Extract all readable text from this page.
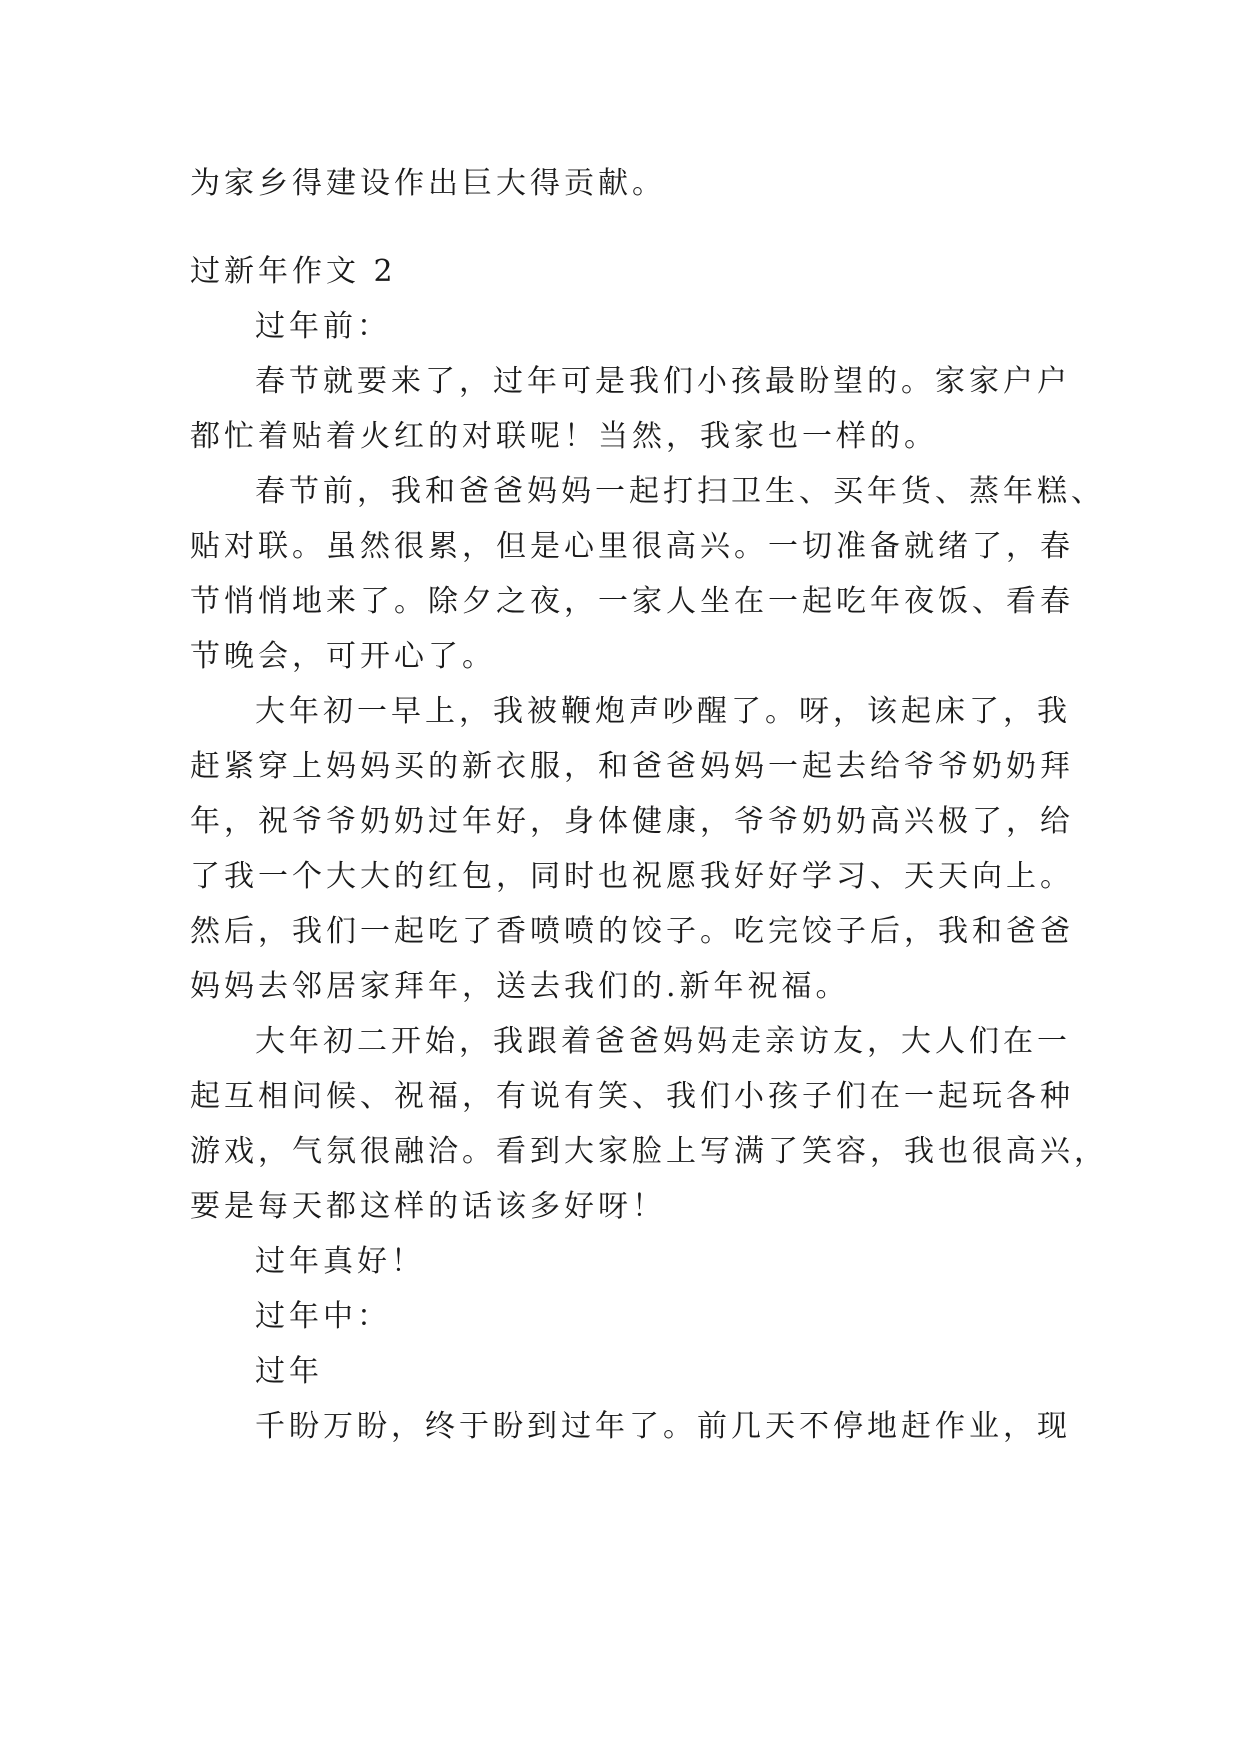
为家乡得建设作出巨大得贡献。
过新年作文 2
过年前：
春节就要来了，过年可是我们小孩最盼望的。家家户户
都忙着贴着火红的对联呢！当然，我家也一样的。
春节前，我和爸爸妈妈一起打扫卫生、买年货、蒸年糕、
贴对联。虽然很累，但是心里很高兴。一切准备就绪了，春
节悄悄地来了。除夕之夜，一家人坐在一起吃年夜饭、看春
节晚会，可开心了。
大年初一早上，我被鞭炮声吵醒了。呀，该起床了，我
赶紧穿上妈妈买的新衣服，和爸爸妈妈一起去给爷爷奶奶拜
年，祝爷爷奶奶过年好，身体健康，爷爷奶奶高兴极了，给
了我一个大大的红包，同时也祝愿我好好学习、天天向上。
然后，我们一起吃了香喷喷的饺子。吃完饺子后，我和爸爸
妈妈去邻居家拜年，送去我们的.新年祝福。
大年初二开始，我跟着爸爸妈妈走亲访友，大人们在一
起互相问候、祝福，有说有笑、我们小孩子们在一起玩各种
游戏，气氛很融洽。看到大家脸上写满了笑容，我也很高兴，
要是每天都这样的话该多好呀！
过年真好！
过年中：
过年
千盼万盼，终于盼到过年了。前几天不停地赶作业，现
